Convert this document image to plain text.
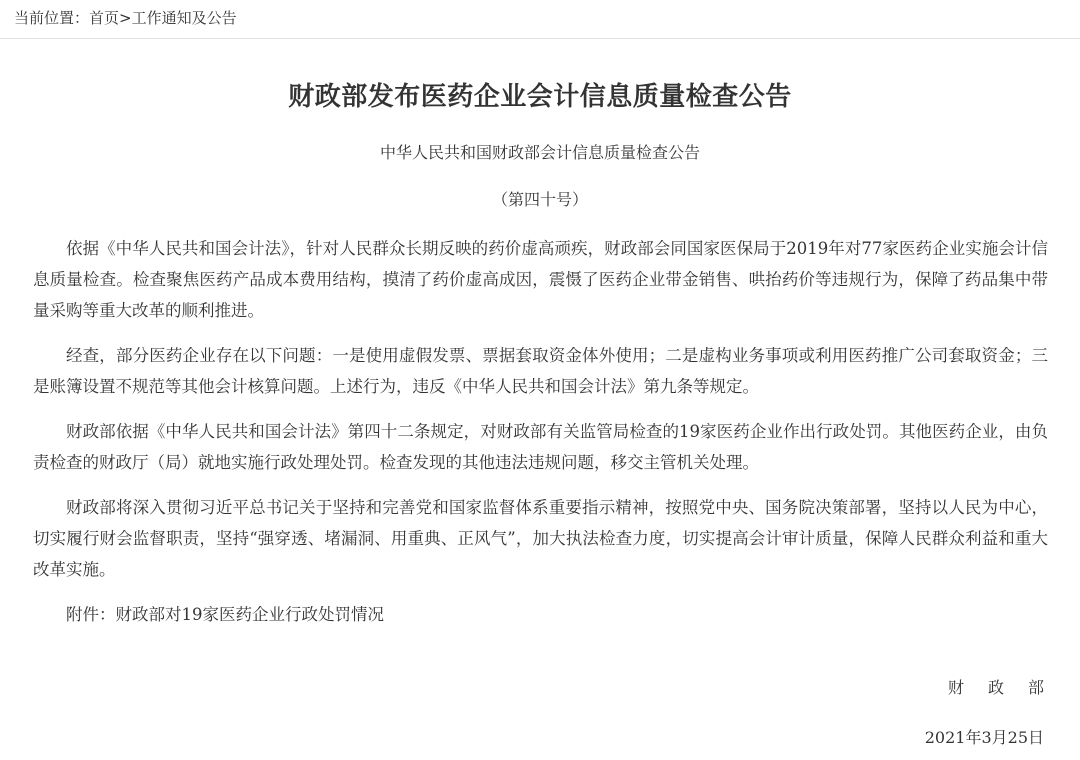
当前位置：首页>工作通知及公告
财政部发布医药企业会计信息质量检查公告
中华人民共和国财政部会计信息质量检查公告
（第四十号）

依据《中华人民共和国会计法》，针对人民群众长期反映的药价虚高顽疾，财政部会同国家医保局于2019年对77家医药企业实施会计信息质量检查。检查聚焦医药产品成本费用结构，摸清了药价虚高成因，震慑了医药企业带金销售、哄抬药价等违规行为，保障了药品集中带量采购等重大改革的顺利推进。

经查，部分医药企业存在以下问题：一是使用虚假发票、票据套取资金体外使用；二是虚构业务事项或利用医药推广公司套取资金；三是账簿设置不规范等其他会计核算问题。上述行为，违反《中华人民共和国会计法》第九条等规定。

财政部依据《中华人民共和国会计法》第四十二条规定，对财政部有关监管局检查的19家医药企业作出行政处罚。其他医药企业，由负责检查的财政厅（局）就地实施行政处理处罚。检查发现的其他违法违规问题，移交主管机关处理。

财政部将深入贯彻习近平总书记关于坚持和完善党和国家监督体系重要指示精神，按照党中央、国务院决策部署，坚持以人民为中心，切实履行财会监督职责，坚持“强穿透、堵漏洞、用重典、正风气”，加大执法检查力度，切实提高会计审计质量，保障人民群众利益和重大改革实施。

附件：财政部对19家医药企业行政处罚情况

财政部
2021年3月25日
